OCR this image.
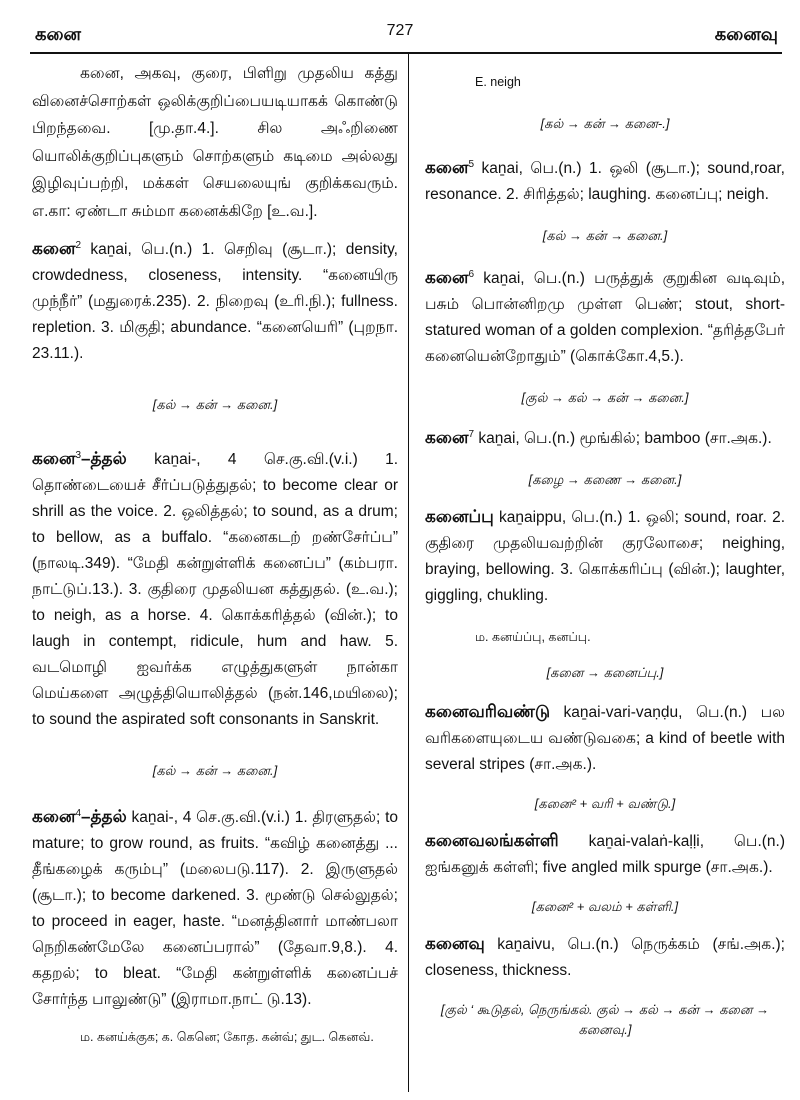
கனை	727	கனைவு

கனை, அகவு, குரை, பிளிறு முதலிய கத்து வினைச்சொற்கள் ஒலிக்குறிப்பையடியாகக் கொண்டு பிறந்தவை. [மு.தா.4.]. சில அஃறிணை யொலிக்குறிப்புகளும் சொற்களும் கடிமை அல்லது இழிவுப்பற்றி, மக்கள் செயலையுங் குறிக்கவரும். எ.கா: ஏண்டா சும்மா கனைக்கிறே [உ.வ.].

கனை$^2$ kaṉai, பெ.(n.) 1. செறிவு (சூடா.); density, crowdedness, closeness, intensity. “கனையிரு முந்நீர்” (மதுரைக்.235). 2. நிறைவு (உரி.நி.); fullness. repletion. 3. மிகுதி; abundance. “கனையெரி” (புறநா. 23.11.).

[கல் → கன் → கனை.]

கனை$^3$–த்தல் kaṉai-, 4 செ.கு.வி.(v.i.) 1. தொண்டையைச் சீர்ப்படுத்துதல்; to become clear or shrill as the voice. 2. ஒலித்தல்; to sound, as a drum; to bellow, as a buffalo. “கனைகடற் றண்சேர்ப்ப” (நாலடி.349). “மேதி கன்றுள்ளிக் கனைப்ப” (கம்பரா. நாட்டுப்.13.). 3. குதிரை முதலியன கத்துதல். (உ.வ.); to neigh, as a horse. 4. கொக்கரித்தல் (வின்.); to laugh in contempt, ridicule, hum and haw. 5. வடமொழி ஐவர்க்க எழுத்துகளுள் நான்கா மெய்களை அழுத்தியொலித்தல் (நன்.146,மயிலை); to sound the aspirated soft consonants in Sanskrit.

[கல் → கன் → கனை.]

கனை$^4$–த்தல் kaṉai-, 4 செ.கு.வி.(v.i.) 1. திரளுதல்; to mature; to grow round, as fruits. “கவிழ் கனைத்து ... தீங்கழைக் கரும்பு” (மலைபடு.117). 2. இருளுதல் (சூடா.); to become darkened. 3. மூண்டு செல்லுதல்; to proceed in eager, haste. “மனத்தினார் மாண்பலா நெறிகண்மேலே கனைப்பரால்” (தேவா.9,8.). 4. கதறல்; to bleat. “மேதி கன்றுள்ளிக் கனைப்பச் சோர்ந்த பாலுண்டு” (இராமா.நாட் டு.13).

ம. கனய்க்குக; க. கெனெ; கோத. கன்வ்; துட. கெனவ்.

E. neigh

[கல் → கன் → கனை-.]

கனை$^5$ kaṉai, பெ.(n.) 1. ஒலி (சூடா.); sound,roar, resonance. 2. சிரித்தல்; laughing. கனைப்பு; neigh.

[கல் → கன் → கனை.]

கனை$^6$ kaṉai, பெ.(n.) பருத்துக் குறுகின வடிவும், பசும் பொன்னிறமு முள்ள பெண்; stout, short-statured woman of a golden complexion. “தரித்தபேர் கனையென்றோதும்” (கொக்கோ.4,5.).

[குல் → கல் → கன் → கனை.]

கனை$^7$ kaṉai, பெ.(n.) மூங்கில்; bamboo (சா.அக.).

[கழை → கணை → கனை.]

கனைப்பு kaṉaippu, பெ.(n.) 1. ஒலி; sound, roar. 2. குதிரை முதலியவற்றின் குரலோசை; neighing, braying, bellowing. 3. கொக்கரிப்பு (வின்.); laughter, giggling, chukling.

ம. கனய்ப்பு, கனப்பு.

[கனை → கனைப்பு.]

கனைவரிவண்டு kaṉai-vari-vaṇḍu, பெ.(n.) பல வரிகளையுடைய வண்டுவகை; a kind of beetle with several stripes (சா.அக.).

[கனை² + வரி + வண்டு.]

கனைவலங்கள்ளி kaṉai-valaṅ-kaḷḷi, பெ.(n.) ஐங்கனுக் கள்ளி; five angled milk spurge (சா.அக.).

[கனை² + வலம் + கள்ளி.]

கனைவு kaṉaivu, பெ.(n.) நெருக்கம் (சங்.அக.); closeness, thickness.

[குல் ‘ கூடுதல், நெருங்கல். குல் → கல் → கன் → கனை → கனைவு.]
